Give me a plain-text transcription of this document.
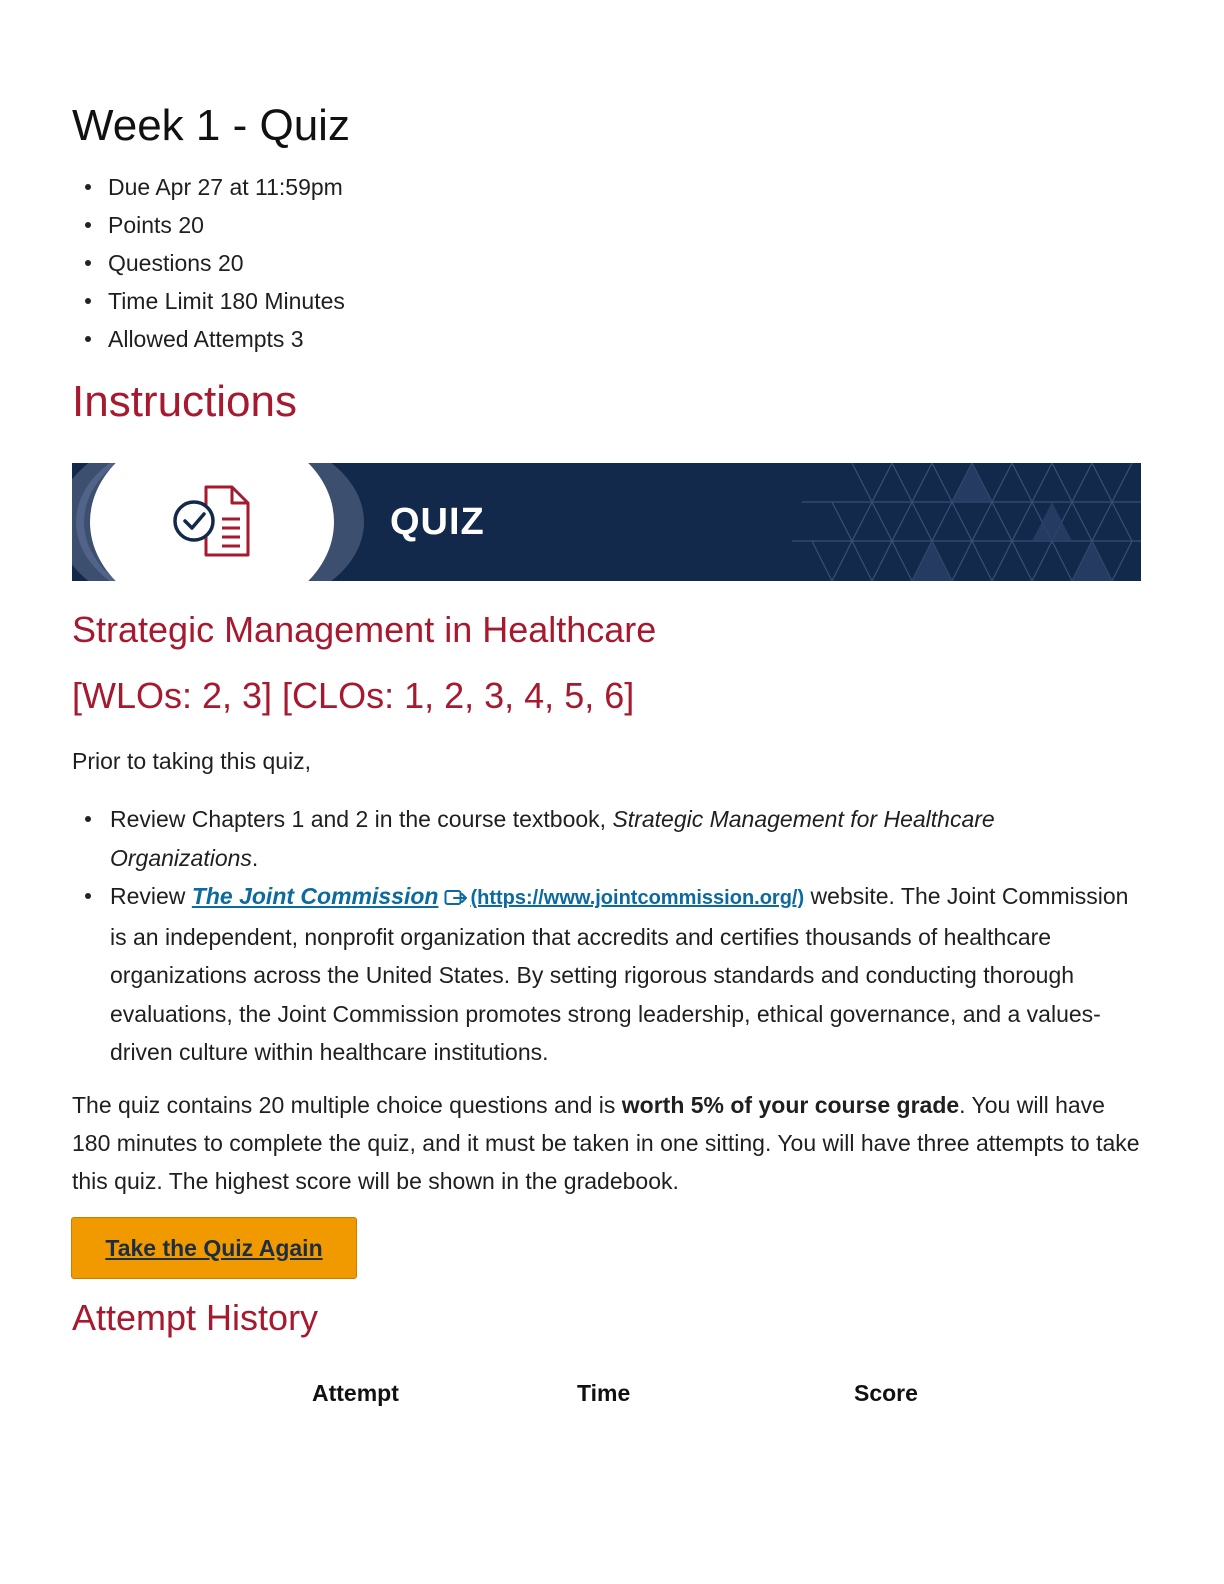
Week 1 - Quiz
Due Apr 27 at 11:59pm
Points 20
Questions 20
Time Limit 180 Minutes
Allowed Attempts 3
Instructions
QUIZ
Strategic Management in Healthcare
[WLOs: 2, 3] [CLOs: 1, 2, 3, 4, 5, 6]

Prior to taking this quiz,

Review Chapters 1 and 2 in the course textbook, Strategic Management for Healthcare Organizations.
Review The Joint Commission (https://www.jointcommission.org/) website. The Joint Commission is an independent, nonprofit organization that accredits and certifies thousands of healthcare organizations across the United States. By setting rigorous standards and conducting thorough evaluations, the Joint Commission promotes strong leadership, ethical governance, and a values-driven culture within healthcare institutions.

The quiz contains 20 multiple choice questions and is worth 5% of your course grade. You will have 180 minutes to complete the quiz, and it must be taken in one sitting. You will have three attempts to take this quiz. The highest score will be shown in the gradebook.

Take the Quiz Again
Attempt History
Attempt	Time	Score
